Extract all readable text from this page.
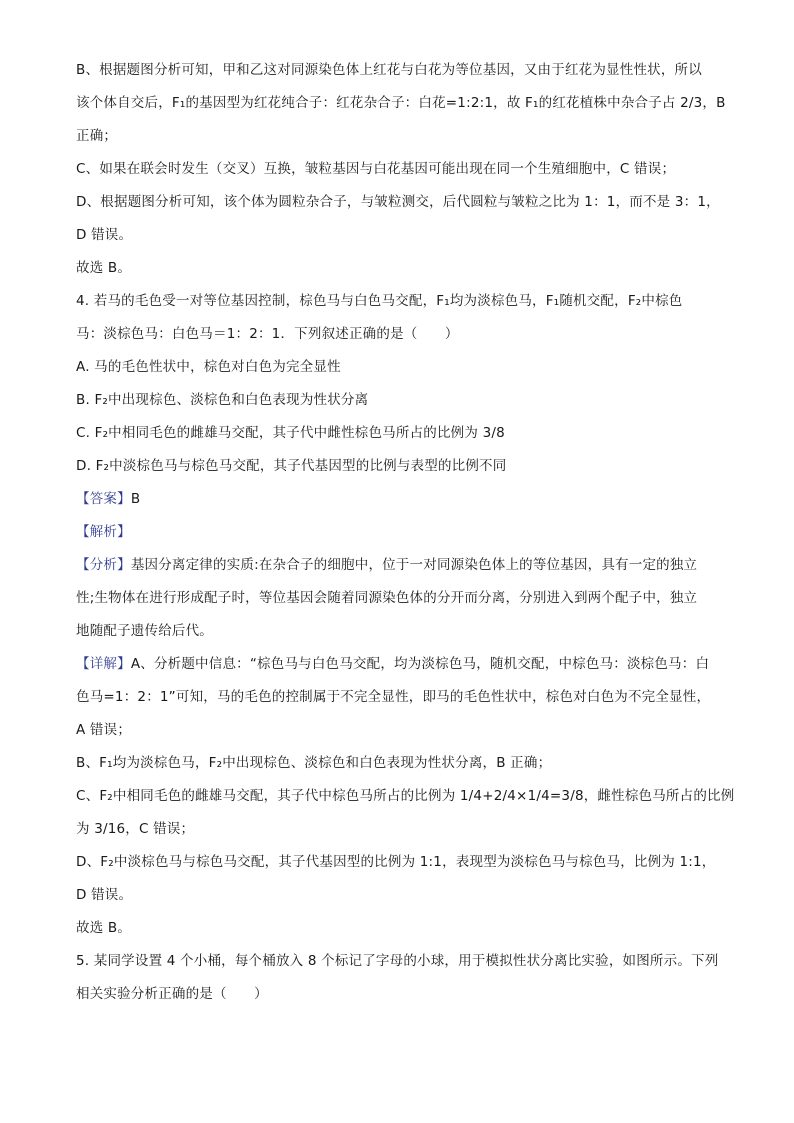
B、根据题图分析可知，甲和乙这对同源染色体上红花与白花为等位基因，又由于红花为显性性状，所以
该个体自交后，F₁的基因型为红花纯合子：红花杂合子：白花=1:2:1，故 F₁的红花植株中杂合子占 2/3，B
正确；
C、如果在联会时发生（交叉）互换，皱粒基因与白花基因可能出现在同一个生殖细胞中，C 错误；
D、根据题图分析可知，该个体为圆粒杂合子，与皱粒测交，后代圆粒与皱粒之比为 1：1，而不是 3：1，
D 错误。
故选 B。
4. 若马的毛色受一对等位基因控制，棕色马与白色马交配，F₁均为淡棕色马，F₁随机交配，F₂中棕色
马：淡棕色马：白色马＝1：2：1．下列叙述正确的是（　　）
A. 马的毛色性状中，棕色对白色为完全显性
B. F₂中出现棕色、淡棕色和白色表现为性状分离
C. F₂中相同毛色的雌雄马交配，其子代中雌性棕色马所占的比例为 3/8
D. F₂中淡棕色马与棕色马交配，其子代基因型的比例与表型的比例不同
【答案】B
【解析】
【分析】基因分离定律的实质:在杂合子的细胞中，位于一对同源染色体上的等位基因，具有一定的独立
性;生物体在进行形成配子时，等位基因会随着同源染色体的分开而分离，分别进入到两个配子中，独立
地随配子遗传给后代。
【详解】A、分析题中信息：“棕色马与白色马交配，均为淡棕色马，随机交配，中棕色马：淡棕色马：白
色马=1：2：1”可知，马的毛色的控制属于不完全显性，即马的毛色性状中，棕色对白色为不完全显性，
A 错误；
B、F₁均为淡棕色马，F₂中出现棕色、淡棕色和白色表现为性状分离，B 正确；
C、F₂中相同毛色的雌雄马交配，其子代中棕色马所占的比例为 1/4+2/4×1/4=3/8，雌性棕色马所占的比例
为 3/16，C 错误；
D、F₂中淡棕色马与棕色马交配，其子代基因型的比例为 1:1，表现型为淡棕色马与棕色马，比例为 1:1，
D 错误。
故选 B。
5. 某同学设置 4 个小桶，每个桶放入 8 个标记了字母的小球，用于模拟性状分离比实验，如图所示。下列
相关实验分析正确的是（　　）
